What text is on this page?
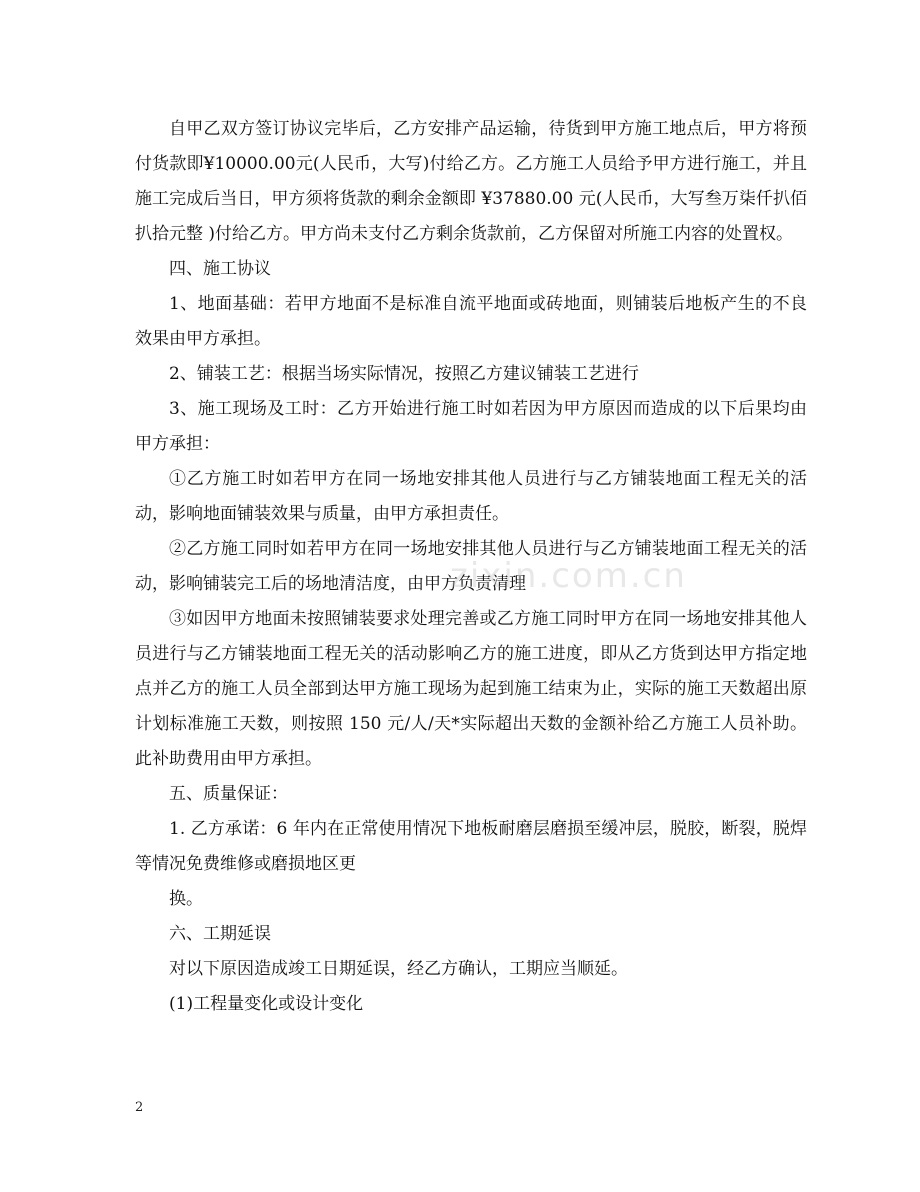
自甲乙双方签订协议完毕后，乙方安排产品运输，待货到甲方施工地点后，甲方将预付货款即¥10000.00元(人民币，大写)付给乙方。乙方施工人员给予甲方进行施工，并且施工完成后当日，甲方须将货款的剩余金额即 ¥37880.00 元(人民币，大写叁万柒仟扒佰扒拾元整 )付给乙方。甲方尚未支付乙方剩余货款前，乙方保留对所施工内容的处置权。

四、施工协议

1、地面基础：若甲方地面不是标准自流平地面或砖地面，则铺装后地板产生的不良效果由甲方承担。

2、铺装工艺：根据当场实际情况，按照乙方建议铺装工艺进行

3、施工现场及工时：乙方开始进行施工时如若因为甲方原因而造成的以下后果均由甲方承担：

①乙方施工时如若甲方在同一场地安排其他人员进行与乙方铺装地面工程无关的活动，影响地面铺装效果与质量，由甲方承担责任。

②乙方施工同时如若甲方在同一场地安排其他人员进行与乙方铺装地面工程无关的活动，影响铺装完工后的场地清洁度，由甲方负责清理

③如因甲方地面未按照铺装要求处理完善或乙方施工同时甲方在同一场地安排其他人员进行与乙方铺装地面工程无关的活动影响乙方的施工进度，即从乙方货到达甲方指定地点并乙方的施工人员全部到达甲方施工现场为起到施工结束为止，实际的施工天数超出原计划标准施工天数，则按照 150 元/人/天*实际超出天数的金额补给乙方施工人员补助。此补助费用由甲方承担。

五、质量保证：

1. 乙方承诺：6 年内在正常使用情况下地板耐磨层磨损至缓冲层，脱胶，断裂，脱焊等情况免费维修或磨损地区更

换。

六、工期延误

对以下原因造成竣工日期延误，经乙方确认，工期应当顺延。

(1)工程量变化或设计变化

zixin.com.cn
2
